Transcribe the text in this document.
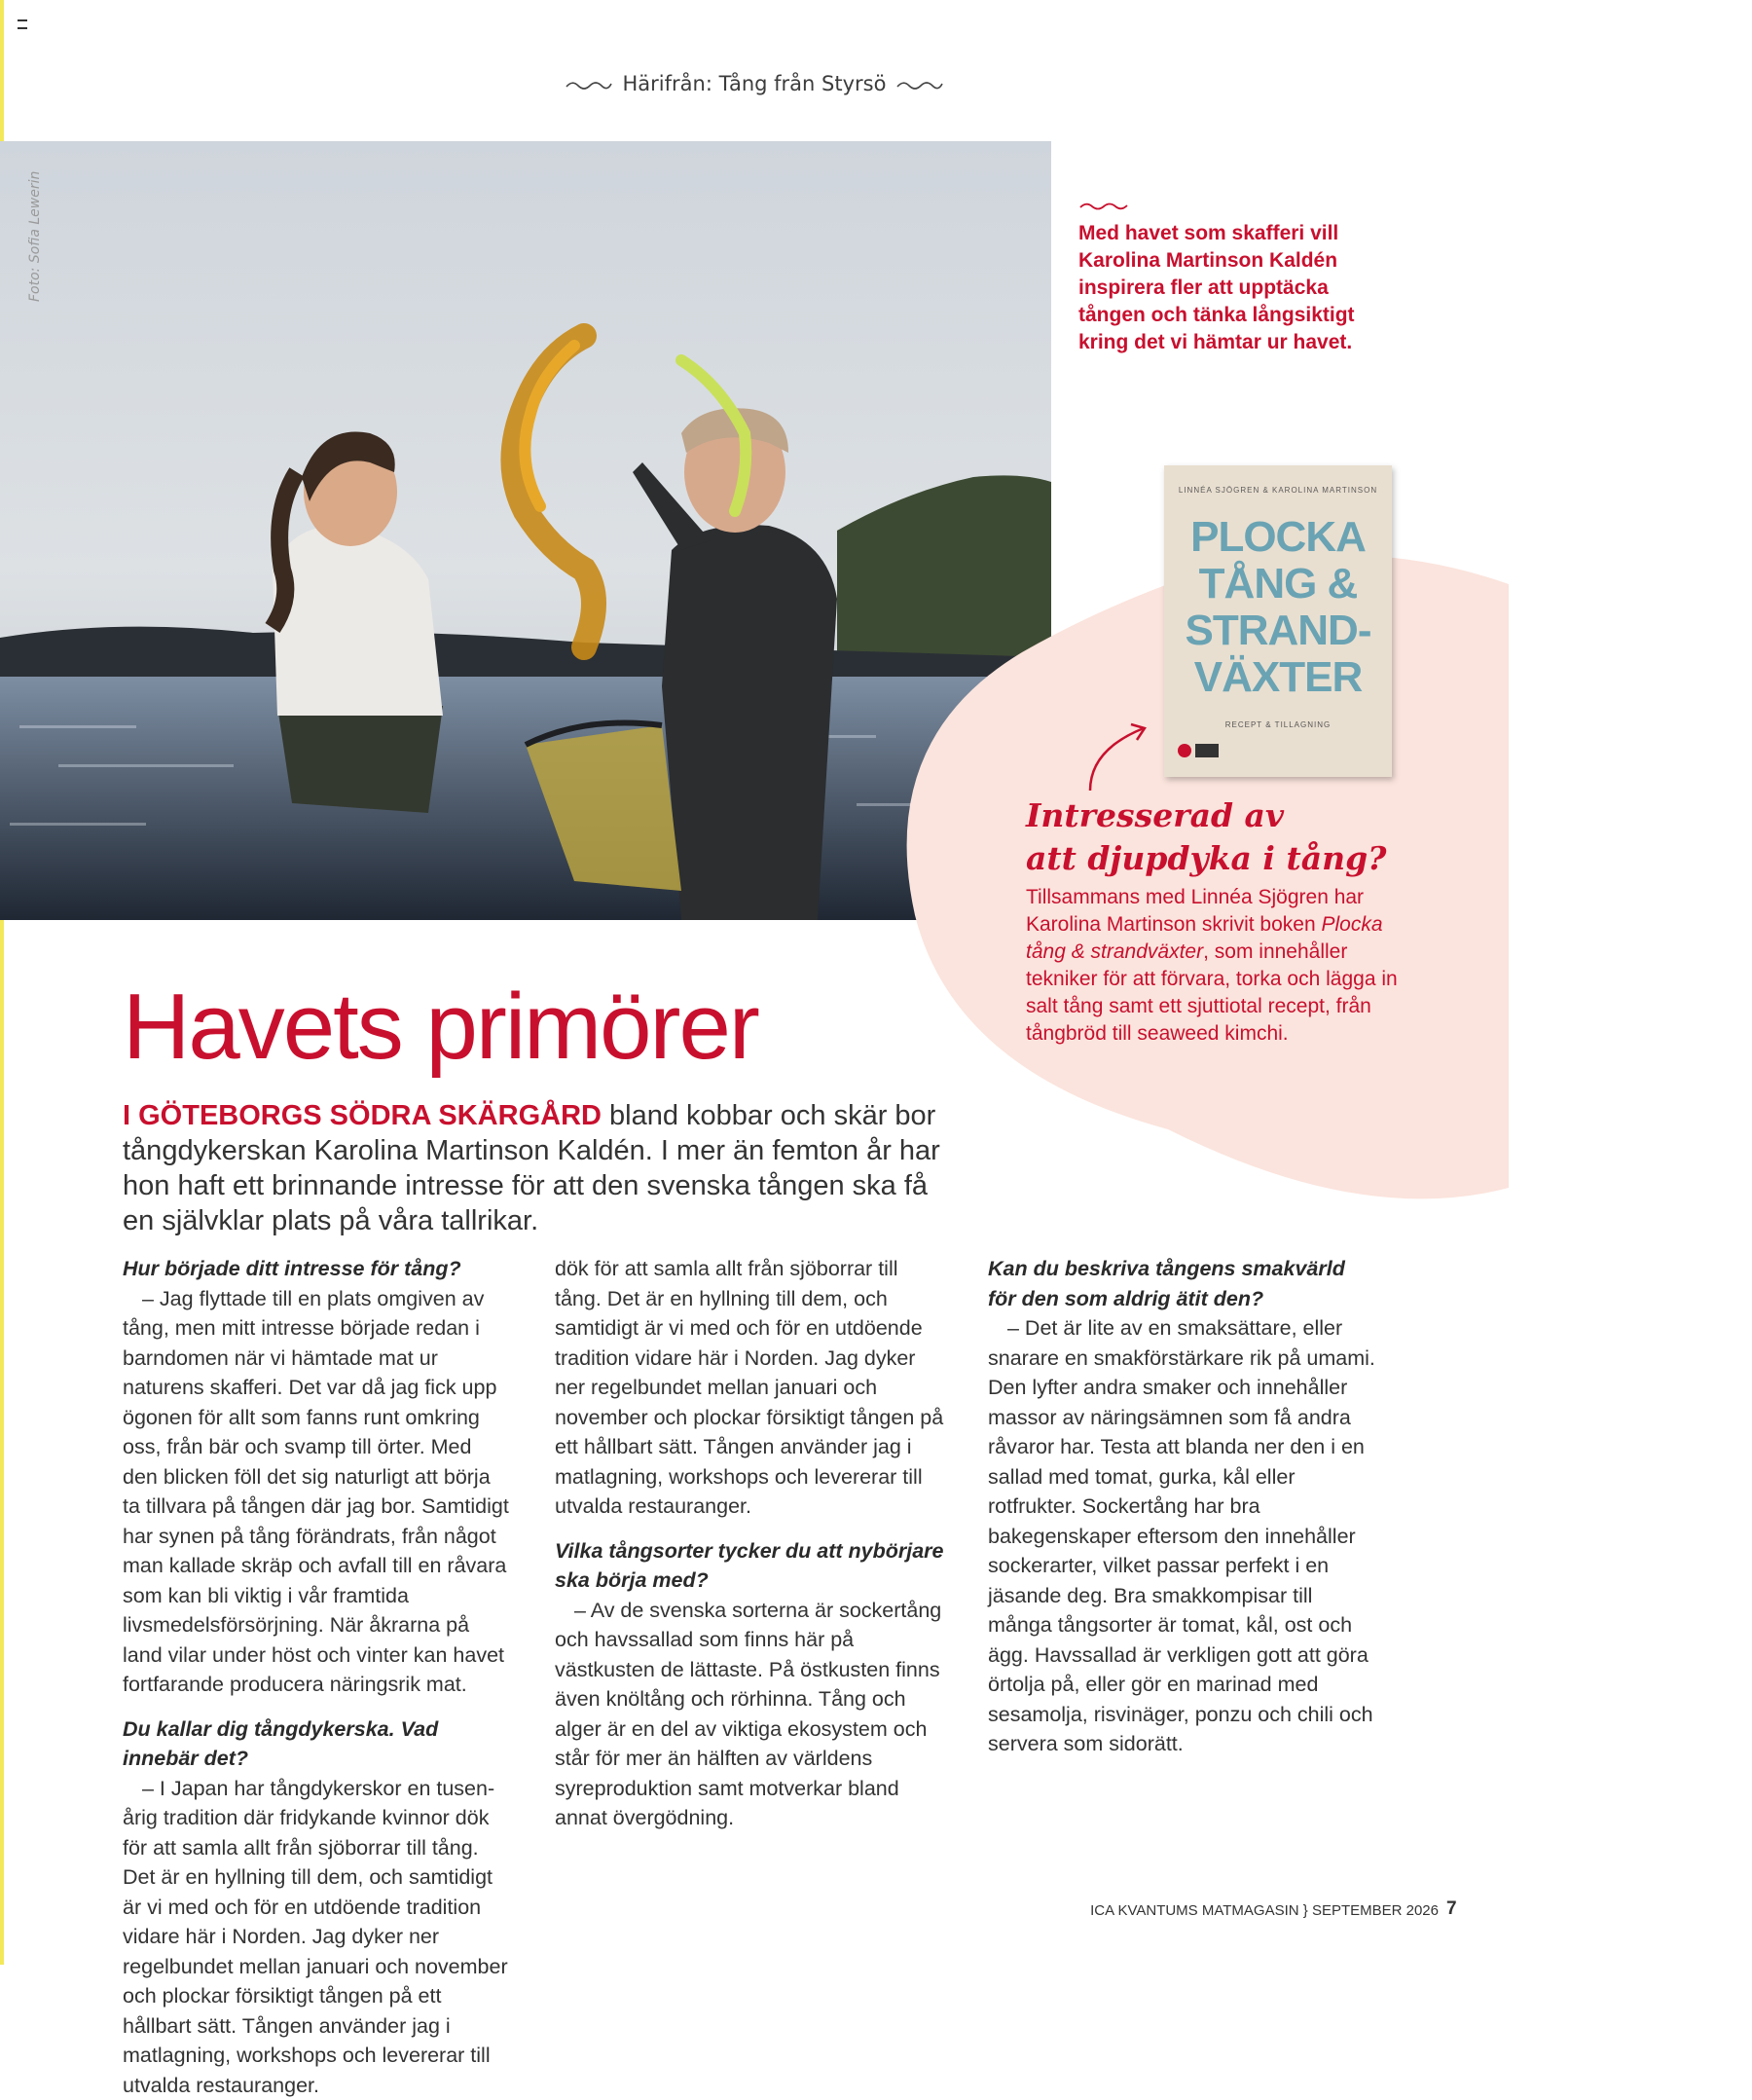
Härifrån: Tång från Styrsö
Foto: Sofia Lewerin	Med havet som skafferi vill Karolina Martinson Kaldén inspirera fler att upptäcka tången och tänka långsiktigt kring det vi hämtar ur havet.
LINNÉA SJÖGREN & KAROLINA MARTINSON
PLOCKA
TÅNG &
STRAND-
VÄXTER
RECEPT & TILLAGNING
Intresserad av
att djupdyka i tång?
Tillsammans med Linnéa Sjögren har Karolina Martinson skrivit boken Plocka tång & strandväxter, som innehåller tekniker för att förvara, torka och lägga in salt tång samt ett sjuttiotal recept, från tångbröd till seaweed kimchi.
Havets primörer
I GÖTEBORGS SÖDRA SKÄRGÅRD bland kobbar och skär bor tångdykerskan Karolina Martinson Kaldén. I mer än femton år har hon haft ett brinnande intresse för att den svenska tången ska få en självklar plats på våra tallrikar.

Hur började ditt intresse för tång?

– Jag flyttade till en plats omgiven av tång, men mitt intresse började redan i barndomen när vi hämtade mat ur naturens skafferi. Det var då jag fick upp ögonen för allt som fanns runt omkring oss, från bär och svamp till örter. Med den blicken föll det sig naturligt att börja ta tillvara på tången där jag bor. Samtidigt har synen på tång förändrats, från något man kallade skräp och avfall till en råvara som kan bli viktig i vår framtida livsmedelsförsörjning. När åkrarna på land vilar under höst och vinter kan havet fortfarande producera näringsrik mat.

Du kallar dig tångdykerska. Vad innebär det?

– I Japan har tångdykerskor en tusenårig tradition där fridykande kvinnor dök för att samla allt från sjöborrar till tång. Det är en hyllning till dem, och samtidigt är vi med och för en utdöende tradition vidare här i Norden. Jag dyker ner regelbundet mellan januari och november och plockar försiktigt tången på ett hållbart sätt. Tången använder jag i matlagning, workshops och levererar till utvalda restauranger.

dök för att samla allt från sjöborrar till tång. Det är en hyllning till dem, och samtidigt är vi med och för en utdöende tradition vidare här i Norden. Jag dyker ner regelbundet mellan januari och november och plockar försiktigt tången på ett hållbart sätt. Tången använder jag i matlagning, workshops och levererar till utvalda restauranger.

Vilka tångsorter tycker du att nybörjare ska börja med?

– Av de svenska sorterna är sockertång och havssallad som finns här på västkusten de lättaste. På östkusten finns även knöltång och rörhinna. Tång och alger är en del av viktiga ekosystem och står för mer än hälften av världens syreproduktion samt motverkar bland annat övergödning.

Kan du beskriva tångens smakvärld för den som aldrig ätit den?

– Det är lite av en smaksättare, eller snarare en smakförstärkare rik på umami. Den lyfter andra smaker och innehåller massor av näringsämnen som få andra råvaror har. Testa att blanda ner den i en sallad med tomat, gurka, kål eller rotfrukter. Sockertång har bra bakegenskaper eftersom den innehåller sockerarter, vilket passar perfekt i en jäsande deg. Bra smakkompisar till många tångsorter är tomat, kål, ost och ägg. Havssallad är verkligen gott att göra örtolja på, eller gör en marinad med sesamolja, risvinäger, ponzu och chili och servera som sidorätt.

ICA KVANTUMS MATMAGASIN } SEPTEMBER 2026 7
